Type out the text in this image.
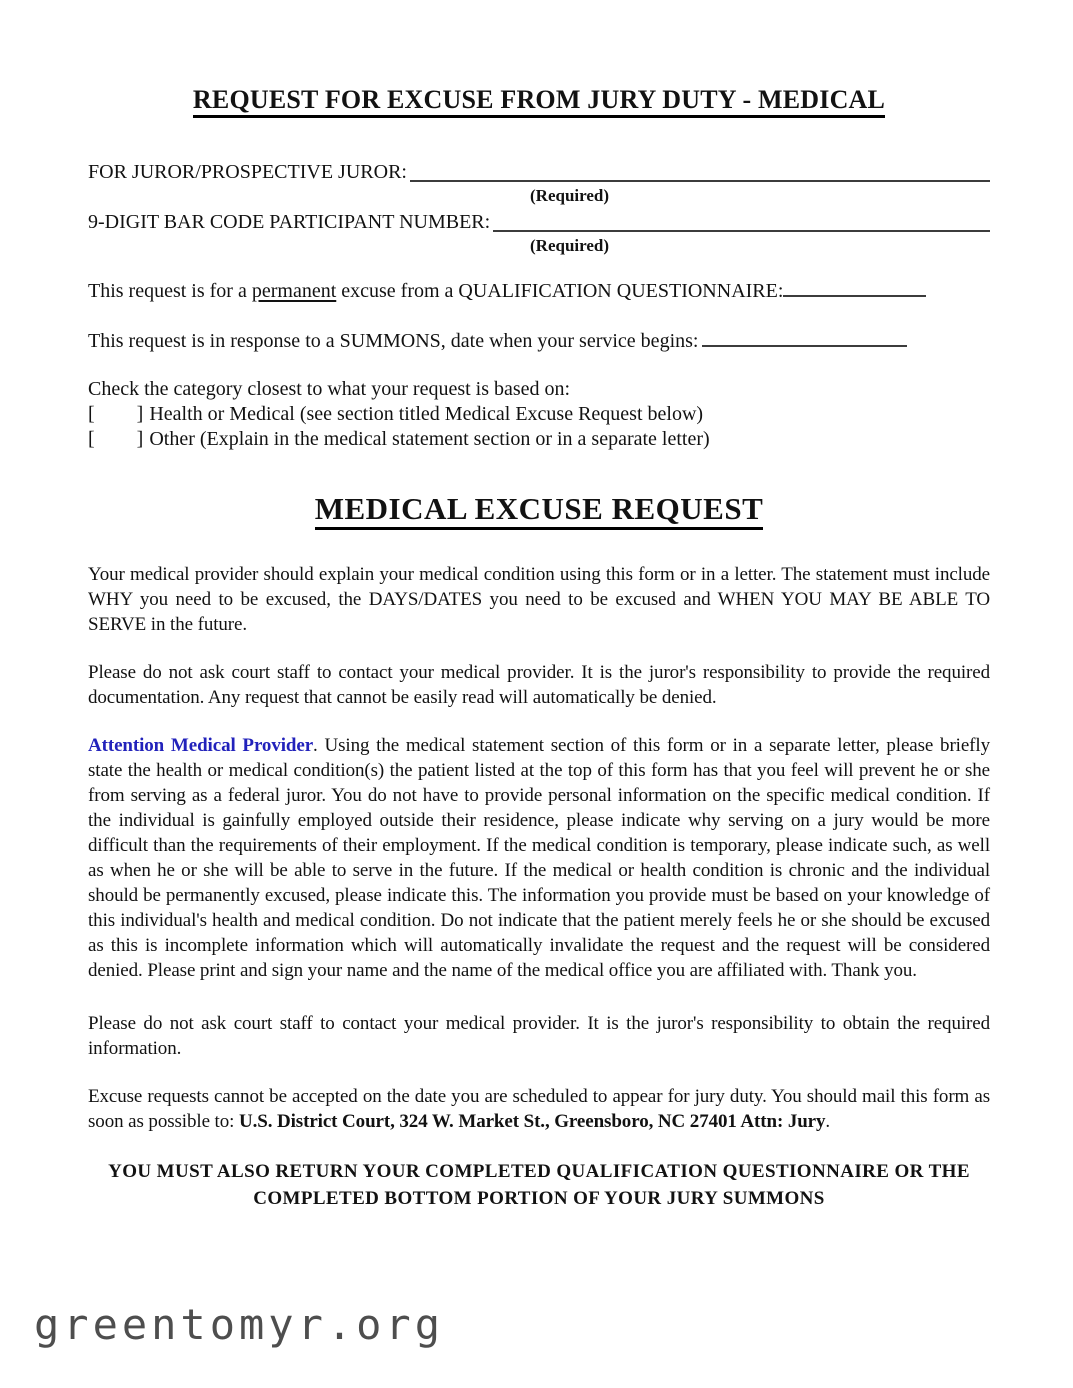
REQUEST FOR EXCUSE FROM JURY DUTY - MEDICAL
FOR JUROR/PROSPECTIVE JUROR:
(Required)
9-DIGIT BAR CODE PARTICIPANT NUMBER:
(Required)

This request is for a permanent excuse from a QUALIFICATION QUESTIONNAIRE:

This request is in response to a SUMMONS, date when your service begins:

Check the category closest to what your request is based on:

[ ] Health or Medical (see section titled Medical Excuse Request below)
[ ] Other (Explain in the medical statement section or in a separate letter)
MEDICAL EXCUSE REQUEST

Your medical provider should explain your medical condition using this form or in a letter. The statement must include WHY you need to be excused, the DAYS/DATES you need to be excused and WHEN YOU MAY BE ABLE TO SERVE in the future.

Please do not ask court staff to contact your medical provider. It is the juror's responsibility to provide the required documentation. Any request that cannot be easily read will automatically be denied.

Attention Medical Provider. Using the medical statement section of this form or in a separate letter, please briefly state the health or medical condition(s) the patient listed at the top of this form has that you feel will prevent he or she from serving as a federal juror. You do not have to provide personal information on the specific medical condition. If the individual is gainfully employed outside their residence, please indicate why serving on a jury would be more difficult than the requirements of their employment. If the medical condition is temporary, please indicate such, as well as when he or she will be able to serve in the future. If the medical or health condition is chronic and the individual should be permanently excused, please indicate this. The information you provide must be based on your knowledge of this individual's health and medical condition. Do not indicate that the patient merely feels he or she should be excused as this is incomplete information which will automatically invalidate the request and the request will be considered denied. Please print and sign your name and the name of the medical office you are affiliated with. Thank you.

Please do not ask court staff to contact your medical provider. It is the juror's responsibility to obtain the required information.

Excuse requests cannot be accepted on the date you are scheduled to appear for jury duty. You should mail this form as soon as possible to: U.S. District Court, 324 W. Market St., Greensboro, NC 27401 Attn: Jury.

YOU MUST ALSO RETURN YOUR COMPLETED QUALIFICATION QUESTIONNAIRE OR THE
COMPLETED BOTTOM PORTION OF YOUR JURY SUMMONS
greentomyr.org
